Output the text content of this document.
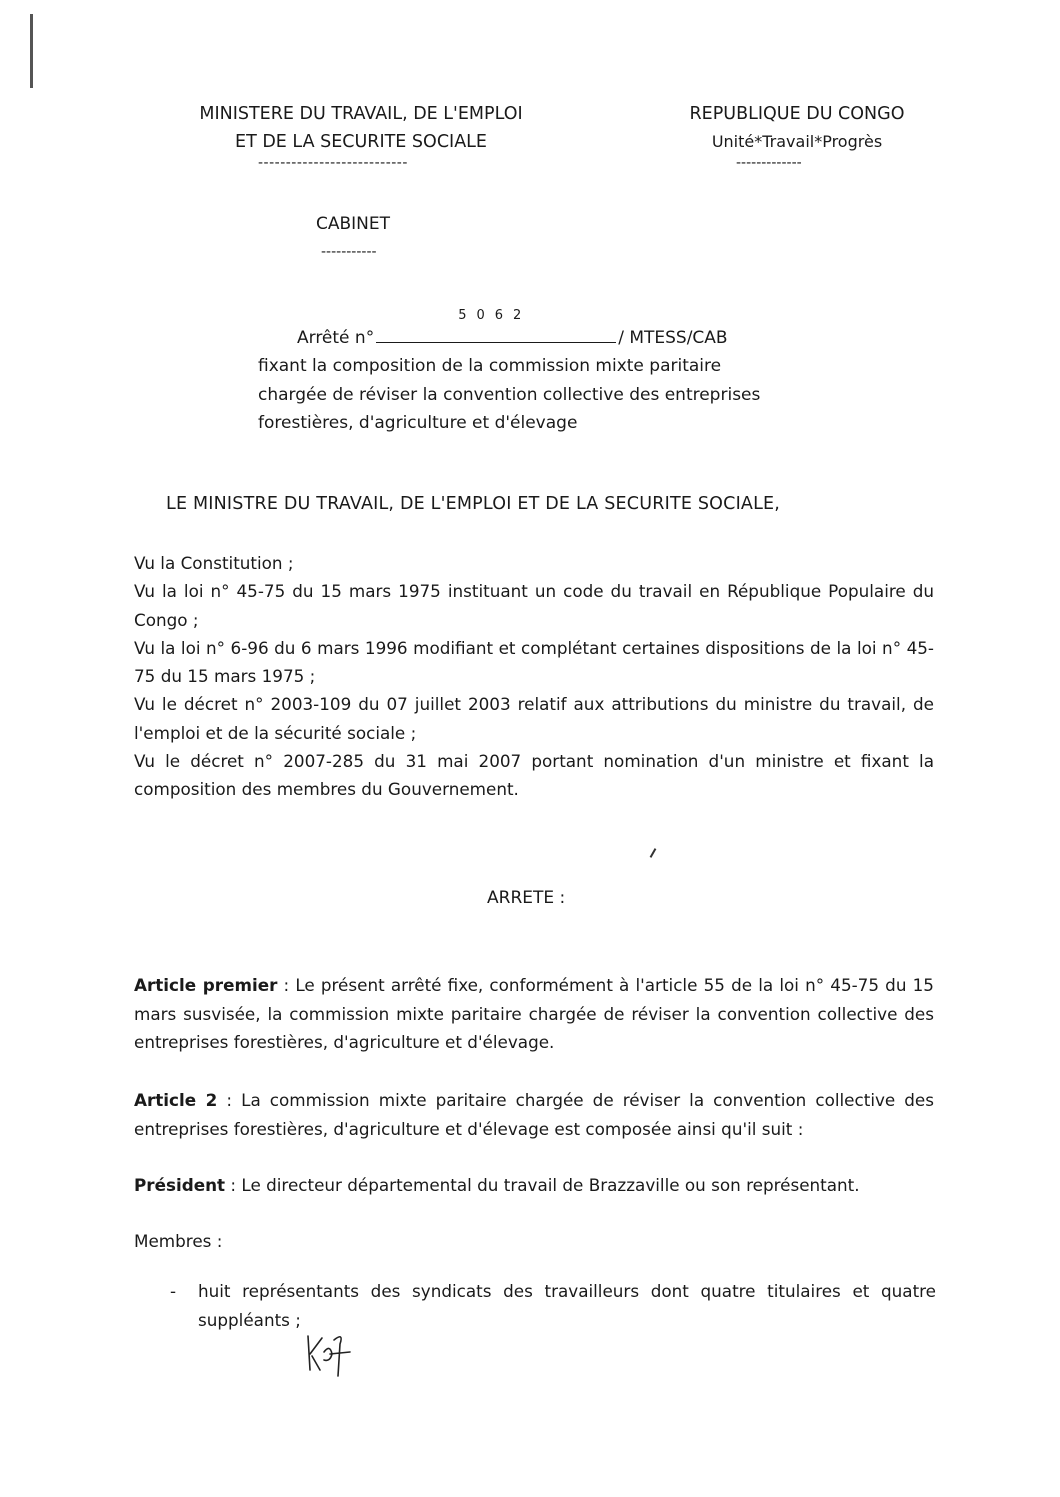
MINISTERE DU TRAVAIL, DE L'EMPLOI
ET DE LA SECURITE SOCIALE
---------------------------
REPUBLIQUE DU CONGO
Unité*Travail*Progrès
-------------
CABINET
-----------
Arrêté n°
5062
/ MTESS/CAB
fixant la composition de la commission mixte paritaire
chargée de réviser la convention collective des entreprises
forestières, d'agriculture et d'élevage
LE MINISTRE DU TRAVAIL, DE L'EMPLOI ET DE LA SECURITE SOCIALE,

Vu la Constitution ;

Vu la loi n° 45-75 du 15 mars 1975 instituant un code du travail en République Populaire du Congo ;

Vu la loi n° 6-96 du 6 mars 1996 modifiant et complétant certaines dispositions de la loi n° 45-75 du 15 mars 1975 ;

Vu le décret n° 2003-109 du 07 juillet 2003 relatif aux attributions du ministre du travail, de l'emploi et de la sécurité sociale ;

Vu le décret n° 2007-285 du 31 mai 2007 portant nomination d'un ministre et fixant la composition des membres du Gouvernement.

ARRETE :
Article premier : Le présent arrêté fixe, conformément à l'article 55 de la loi n° 45-75 du 15 mars susvisée, la commission mixte paritaire chargée de réviser la convention collective des entreprises forestières, d'agriculture et d'élevage.
Article 2 : La commission mixte paritaire chargée de réviser la convention collective des entreprises forestières, d'agriculture et d'élevage est composée ainsi qu'il suit :
Président : Le directeur départemental du travail de Brazzaville ou son représentant.
Membres :
- huit représentants des syndicats des travailleurs dont quatre titulaires et quatre suppléants ;
